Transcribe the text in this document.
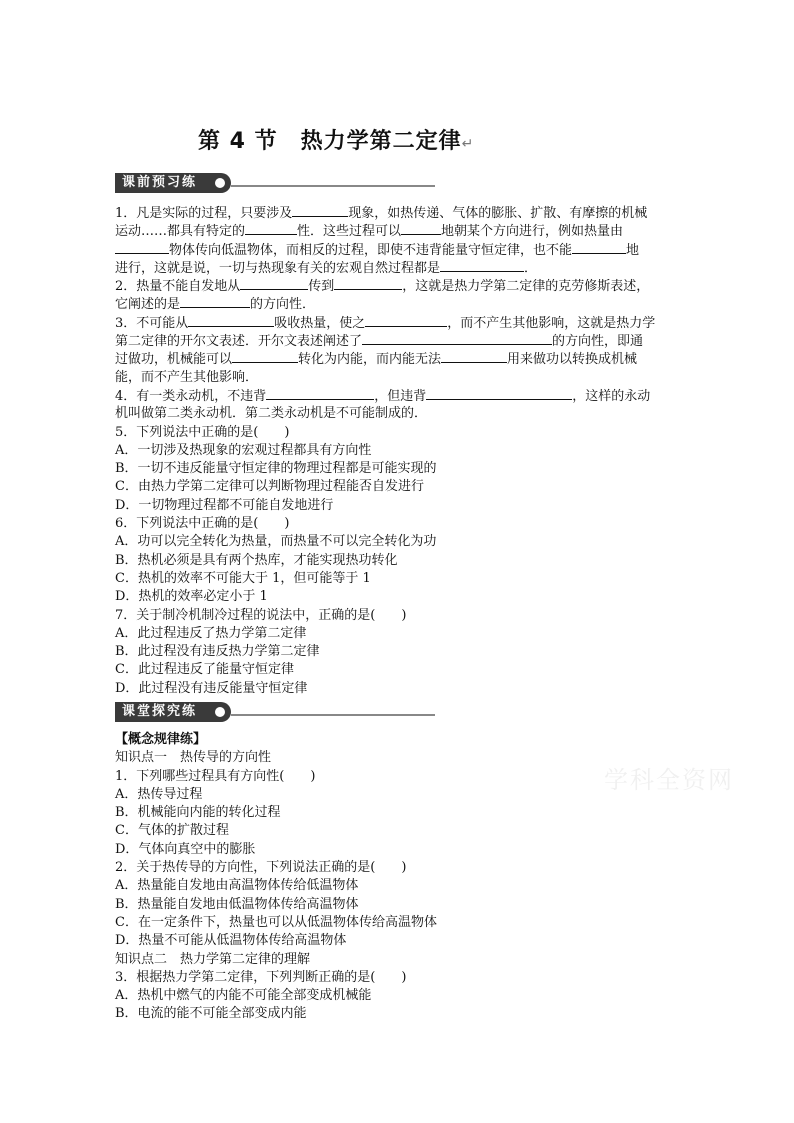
第 4 节　热力学第二定律↵
课前预习练
1．凡是实际的过程，只要涉及	现象，如热传递、气体的膨胀、扩散、有摩擦的机械
运动……都具有特定的	性．这些过程可以	地朝某个方向进行，例如热量由
物体传向低温物体，而相反的过程，即使不违背能量守恒定律，也不能	地
进行，这就是说，一切与热现象有关的宏观自然过程都是	．
2．热量不能自发地从	传到	，这就是热力学第二定律的克劳修斯表述，
它阐述的是	的方向性．
3．不可能从	吸收热量，使之	，而不产生其他影响，这就是热力学
第二定律的开尔文表述．开尔文表述阐述了	的方向性，即通
过做功，机械能可以	转化为内能，而内能无法	用来做功以转换成机械
能，而不产生其他影响．
4．有一类永动机，不违背	，但违背	，这样的永动
机叫做第二类永动机．第二类永动机是不可能制成的．
5．下列说法中正确的是(　　)
A．一切涉及热现象的宏观过程都具有方向性
B．一切不违反能量守恒定律的物理过程都是可能实现的
C．由热力学第二定律可以判断物理过程能否自发进行
D．一切物理过程都不可能自发地进行
6．下列说法中正确的是(　　)
A．功可以完全转化为热量，而热量不可以完全转化为功
B．热机必须是具有两个热库，才能实现热功转化
C．热机的效率不可能大于 1，但可能等于 1
D．热机的效率必定小于 1
7．关于制冷机制冷过程的说法中，正确的是(　　)
A．此过程违反了热力学第二定律
B．此过程没有违反热力学第二定律
C．此过程违反了能量守恒定律
D．此过程没有违反能量守恒定律
课堂探究练
【概念规律练】
知识点一　热传导的方向性
1．下列哪些过程具有方向性(　　)
A．热传导过程
B．机械能向内能的转化过程
C．气体的扩散过程
D．气体向真空中的膨胀
2．关于热传导的方向性，下列说法正确的是(　　)
A．热量能自发地由高温物体传给低温物体
B．热量能自发地由低温物体传给高温物体
C．在一定条件下，热量也可以从低温物体传给高温物体
D．热量不可能从低温物体传给高温物体
知识点二　热力学第二定律的理解
3．根据热力学第二定律，下列判断正确的是(　　)
A．热机中燃气的内能不可能全部变成机械能
B．电流的能不可能全部变成内能
学科全资网
